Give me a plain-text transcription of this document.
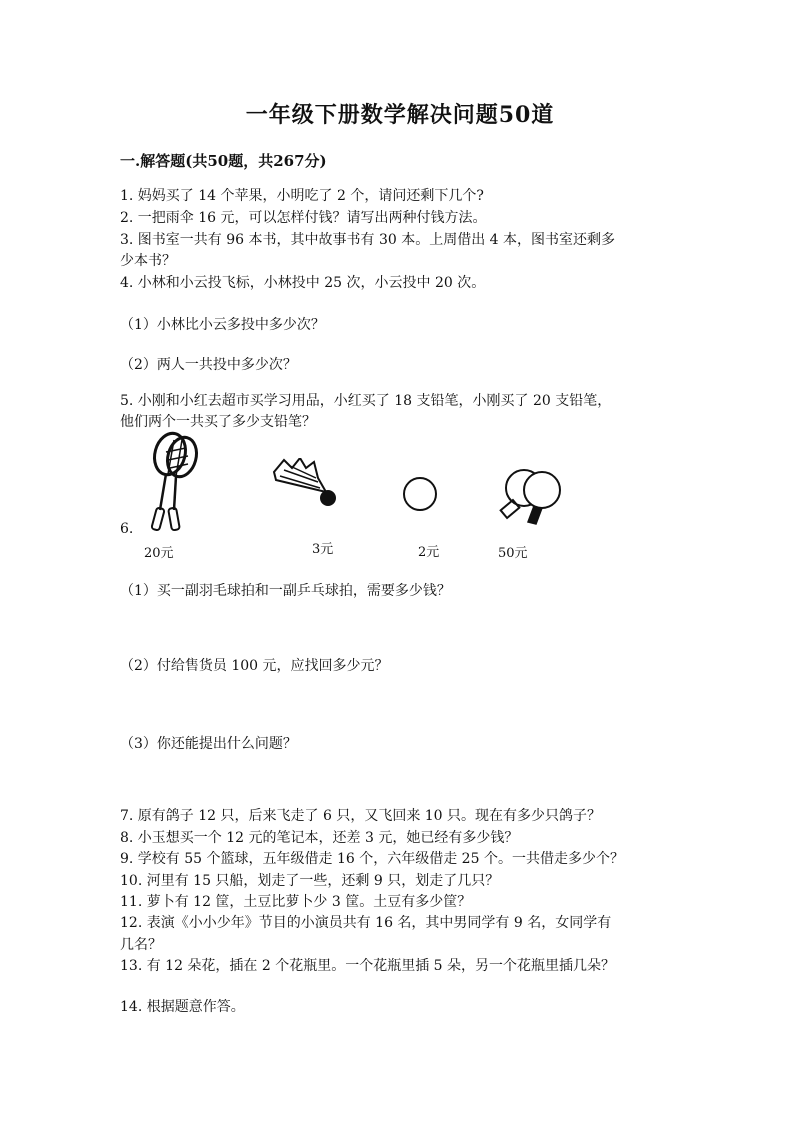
一年级下册数学解决问题50道
一.解答题(共50题，共267分)
1. 妈妈买了 14 个苹果，小明吃了 2 个，请问还剩下几个?
2. 一把雨伞 16 元，可以怎样付钱？请写出两种付钱方法。
3. 图书室一共有 96 本书，其中故事书有 30 本。上周借出 4 本，图书室还剩多
少本书？
4. 小林和小云投飞标，小林投中 25 次，小云投中 20 次。
（1）小林比小云多投中多少次？
（2）两人一共投中多少次？
5. 小刚和小红去超市买学习用品，小红买了 18 支铅笔，小刚买了 20 支铅笔，
他们两个一共买了多少支铅笔？
6.
20元	3元	2元	50元
（1）买一副羽毛球拍和一副乒乓球拍，需要多少钱？
（2）付给售货员 100 元，应找回多少元？
（3）你还能提出什么问题？
7. 原有鸽子 12 只，后来飞走了 6 只，又飞回来 10 只。现在有多少只鸽子？
8. 小玉想买一个 12 元的笔记本，还差 3 元，她已经有多少钱？
9. 学校有 55 个篮球，五年级借走 16 个，六年级借走 25 个。一共借走多少个？
10. 河里有 15 只船，划走了一些，还剩 9 只，划走了几只？
11. 萝卜有 12 筐，土豆比萝卜少 3 筐。土豆有多少筐？
12. 表演《小小少年》节目的小演员共有 16 名，其中男同学有 9 名，女同学有
几名？
13. 有 12 朵花，插在 2 个花瓶里。一个花瓶里插 5 朵，另一个花瓶里插几朵？
14. 根据题意作答。
